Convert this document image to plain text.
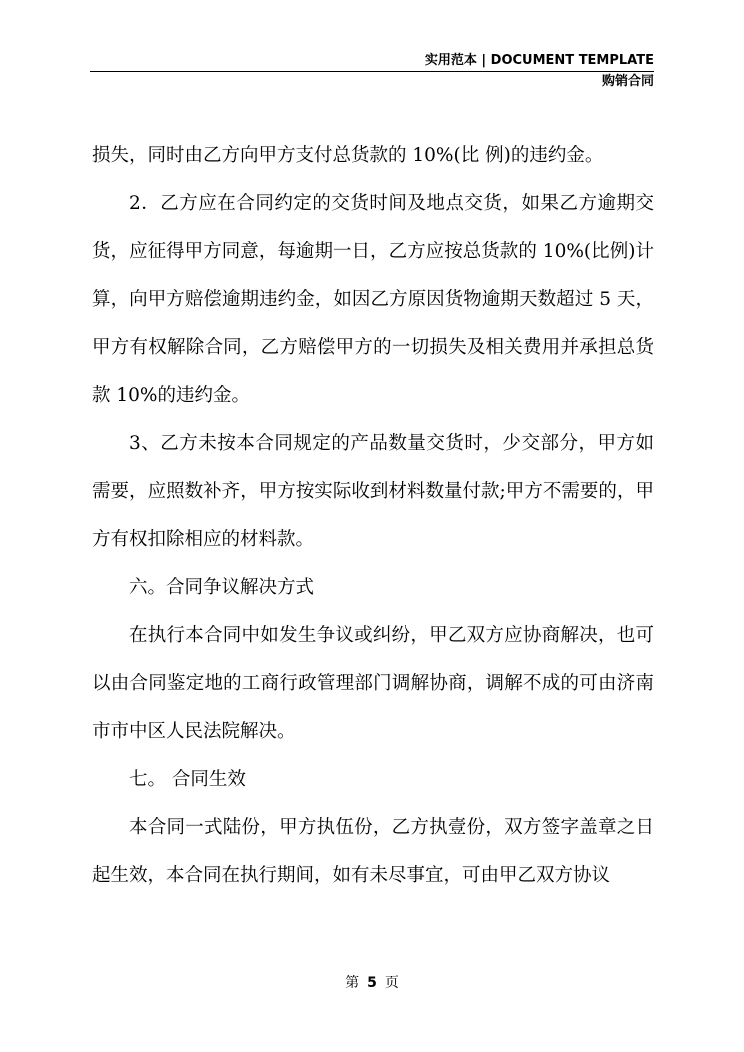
实用范本 | DOCUMENT TEMPLATE
购销合同

损失，同时由乙方向甲方支付总货款的 10%(比 例)的违约金。

2．乙方应在合同约定的交货时间及地点交货，如果乙方逾期交货，应征得甲方同意，每逾期一日，乙方应按总货款的 10%(比例)计算，向甲方赔偿逾期违约金，如因乙方原因货物逾期天数超过 5 天，甲方有权解除合同，乙方赔偿甲方的一切损失及相关费用并承担总货款 10%的违约金。

3、乙方未按本合同规定的产品数量交货时，少交部分，甲方如需要，应照数补齐，甲方按实际收到材料数量付款;甲方不需要的，甲方有权扣除相应的材料款。

六。合同争议解决方式

在执行本合同中如发生争议或纠纷，甲乙双方应协商解决，也可以由合同鉴定地的工商行政管理部门调解协商，调解不成的可由济南市市中区人民法院解决。

七。 合同生效

本合同一式陆份，甲方执伍份，乙方执壹份，双方签字盖章之日起生效，本合同在执行期间，如有未尽事宜，可由甲乙双方协议

第 5 页
